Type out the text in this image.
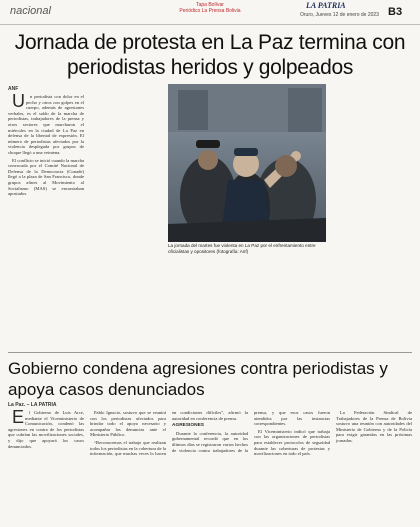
nacional	Tapa Bolívar
Periódico La Prensa Bolivia
LA PATRIA
Oruro, Jueves 12 de enero de 2023 B3
Jornada de protesta en La Paz termina con periodistas heridos y golpeados
ANF

Un periodista con dolor en el pecho y otros con golpes en el cuerpo, además de agresiones verbales, es el saldo de la marcha de periodistas, trabajadores de la prensa y otros sectores que marcharon el miércoles en la ciudad de La Paz en defensa de la libertad de expresión. El número de periodistas afectados por la violencia desplegada por grupos de choque llegó a una veintena.

El conflicto se inició cuando la marcha convocada por el Comité Nacional de Defensa de la Democracia (Conade) llegó a la plaza de San Francisco, donde grupos afines al Movimiento al Socialismo (MAS) se encontraban apostados.

La jornada del martes fue violenta en La Paz por el enfrentamiento entre oficialistas y opositores (fotografía: Anf)
Gobierno condena agresiones contra periodistas y apoya casos denunciados
La Paz. – LA PATRIA

El Gobierno de Luis Arce, mediante el Viceministerio de Comunicación, condenó las agresiones en contra de los periodistas que cubrían las movilizaciones sociales, y dijo que apoyará los casos denunciados.

Pablo Ignacio, sostuvo que se reunirá con los periodistas afectados para brindar todo el apoyo necesario y acompañar las denuncias ante el Ministerio Público.

“Reconocemos el trabajo que realizan todos los periodistas en la cobertura de la información, que muchas veces lo hacen en condiciones difíciles”, afirmó la autoridad en conferencia de prensa.

AGRESIONES

Durante la conferencia, la autoridad gubernamental recordó que en los últimos días se registraron varios hechos de violencia contra trabajadores de la prensa, y que esos casos fueron atendidos por las instancias correspondientes.

El Viceministerio indicó que trabaja con las organizaciones de periodistas para establecer protocolos de seguridad durante las coberturas de protestas y movilizaciones en todo el país.

La Federación Sindical de Trabajadores de la Prensa de Bolivia sostuvo una reunión con autoridades del Ministerio de Gobierno y de la Policía para exigir garantías en las próximas jornadas.
